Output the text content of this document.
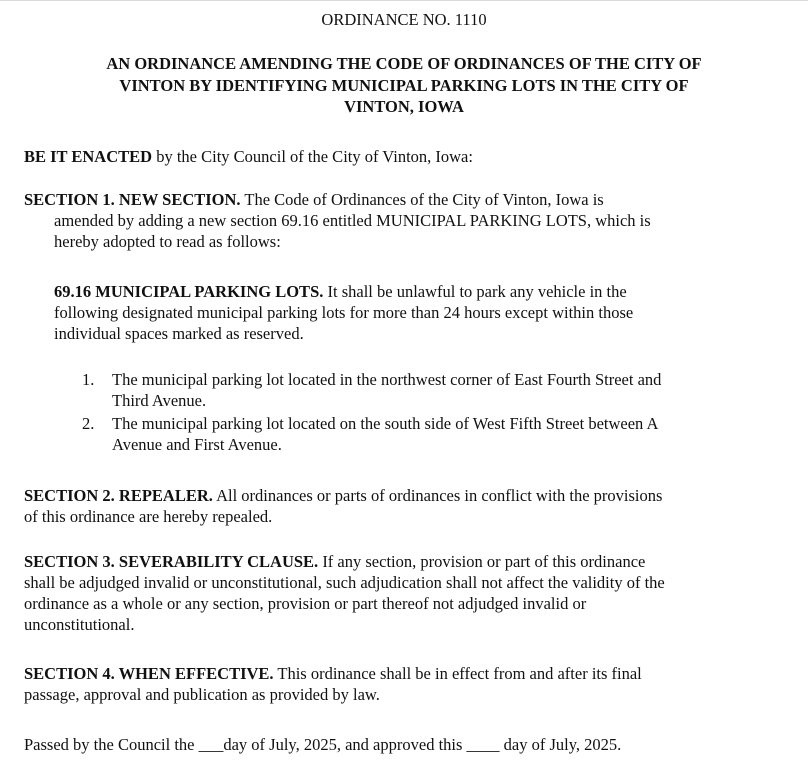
ORDINANCE NO. 1110
AN ORDINANCE AMENDING THE CODE OF ORDINANCES OF THE CITY OF
VINTON BY IDENTIFYING MUNICIPAL PARKING LOTS IN THE CITY OF
VINTON, IOWA
BE IT ENACTED by the City Council of the City of Vinton, Iowa:
SECTION 1. NEW SECTION. The Code of Ordinances of the City of Vinton, Iowa is
amended by adding a new section 69.16 entitled MUNICIPAL PARKING LOTS, which is
hereby adopted to read as follows:
69.16 MUNICIPAL PARKING LOTS. It shall be unlawful to park any vehicle in the
following designated municipal parking lots for more than 24 hours except within those
individual spaces marked as reserved.
1. The municipal parking lot located in the northwest corner of East Fourth Street and
Third Avenue.
2. The municipal parking lot located on the south side of West Fifth Street between A
Avenue and First Avenue.
SECTION 2. REPEALER. All ordinances or parts of ordinances in conflict with the provisions
of this ordinance are hereby repealed.
SECTION 3. SEVERABILITY CLAUSE. If any section, provision or part of this ordinance
shall be adjudged invalid or unconstitutional, such adjudication shall not affect the validity of the
ordinance as a whole or any section, provision or part thereof not adjudged invalid or
unconstitutional.
SECTION 4. WHEN EFFECTIVE. This ordinance shall be in effect from and after its final
passage, approval and publication as provided by law.
Passed by the Council the ___day of July, 2025, and approved this ____ day of July, 2025.
